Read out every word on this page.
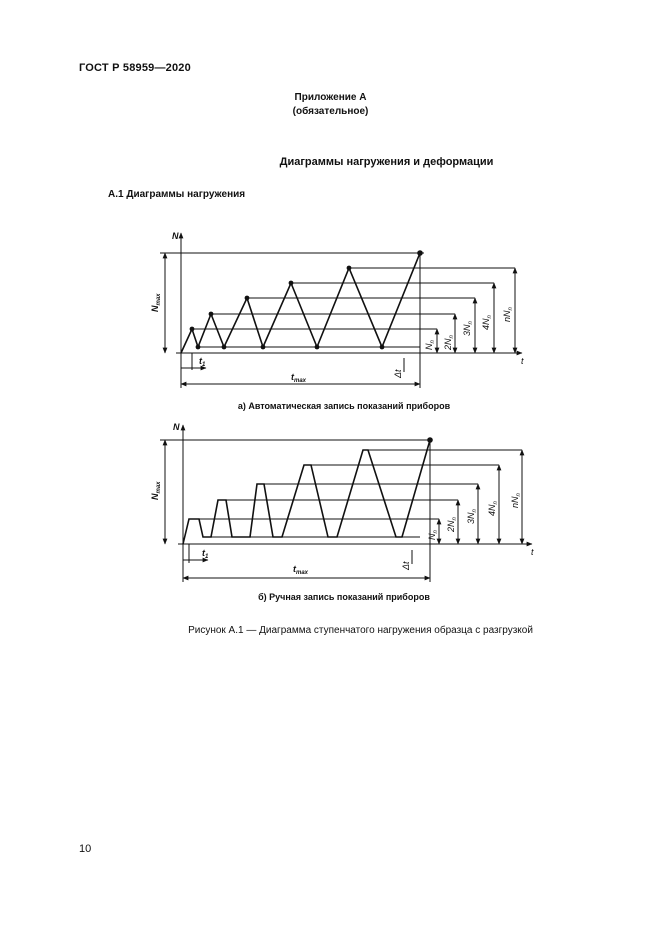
ГОСТ Р 58959—2020
Приложение А
(обязательное)
Диаграммы нагружения и деформации
А.1 Диаграммы нагружения
N
t
$N_{max}$
$N_n$
$2N_n$
$3N_n$
$4N_n$
$nN_n$
$t_1$
$t_{max}$
Δt
а) Автоматическая запись показаний приборов
N
t
$N_{max}$
$N_n$ $2N_n$
$3N_n$
$4N_n$
$nN_n$
$t_1$
$t_{max}$
Δt
б) Ручная запись показаний приборов
Рисунок А.1 — Диаграмма ступенчатого нагружения образца с разгрузкой
10
